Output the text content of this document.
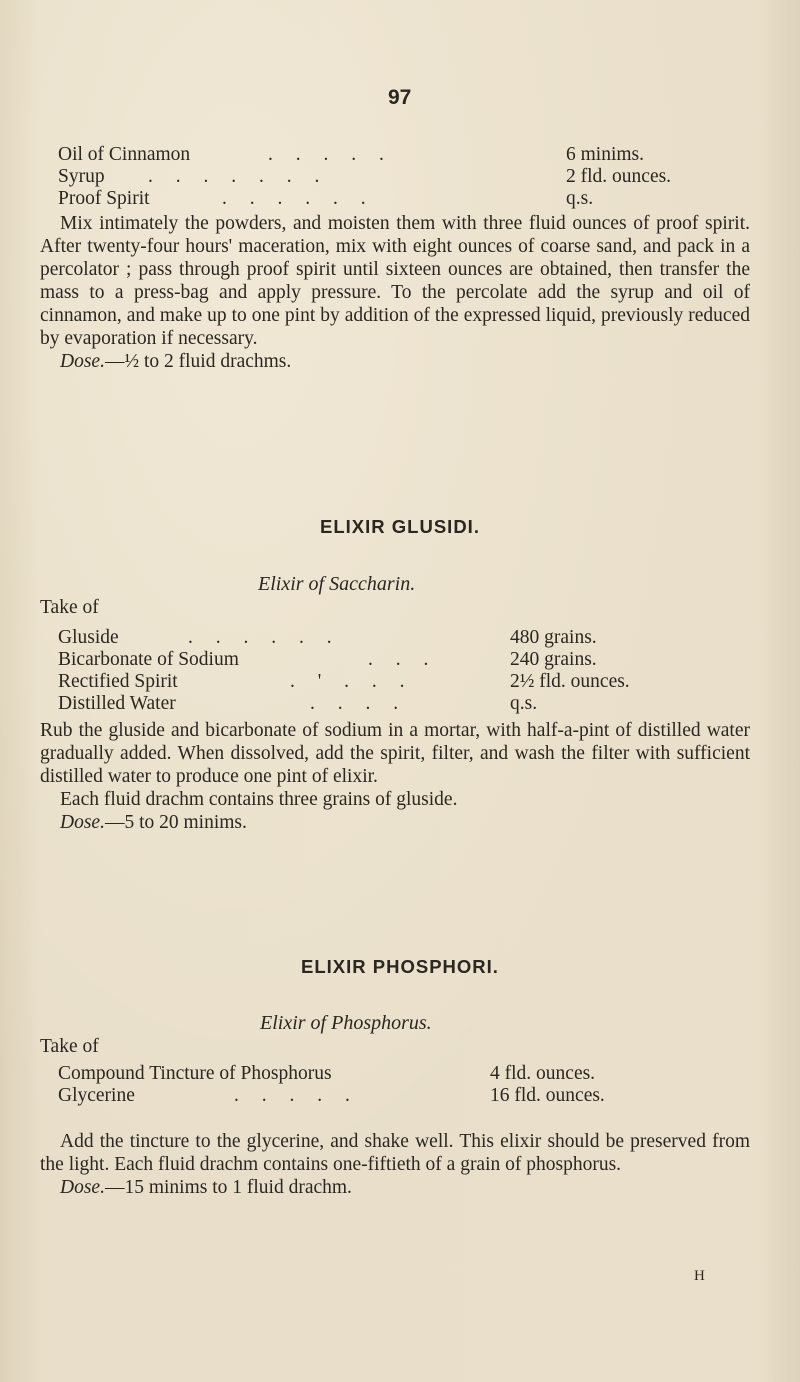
97
Oil of Cinnamon	. . . . .	6 minims.
Syrup . . . . . . .	2 fld. ounces.
Proof Spirit	. . . . . .	q.s.

Mix intimately the powders, and moisten them with three fluid ounces of proof spirit. After twenty-four hours' maceration, mix with eight ounces of coarse sand, and pack in a percolator ; pass through proof spirit until sixteen ounces are obtained, then transfer the mass to a press-bag and apply pressure. To the percolate add the syrup and oil of cinnamon, and make up to one pint by addition of the expressed liquid, previously reduced by evaporation if necessary.

Dose.—½ to 2 fluid drachms.

ELIXIR GLUSIDI.
Elixir of Saccharin.
Take of
Gluside	. . . . . .	480 grains.
Bicarbonate of Sodium	. . .	240 grains.
Rectified Spirit	. ' . . .	2½ fld. ounces.
Distilled Water	. . . .	q.s.

Rub the gluside and bicarbonate of sodium in a mortar, with half-a-pint of distilled water gradually added. When dissolved, add the spirit, filter, and wash the filter with sufficient distilled water to produce one pint of elixir.

Each fluid drachm contains three grains of gluside.

Dose.—5 to 20 minims.

ELIXIR PHOSPHORI.
Elixir of Phosphorus.
Take of
Compound Tincture of Phosphorus	4 fld. ounces.
Glycerine	. . . . .	16 fld. ounces.

Add the tincture to the glycerine, and shake well. This elixir should be preserved from the light. Each fluid drachm contains one-fiftieth of a grain of phosphorus.

Dose.—15 minims to 1 fluid drachm.

H
